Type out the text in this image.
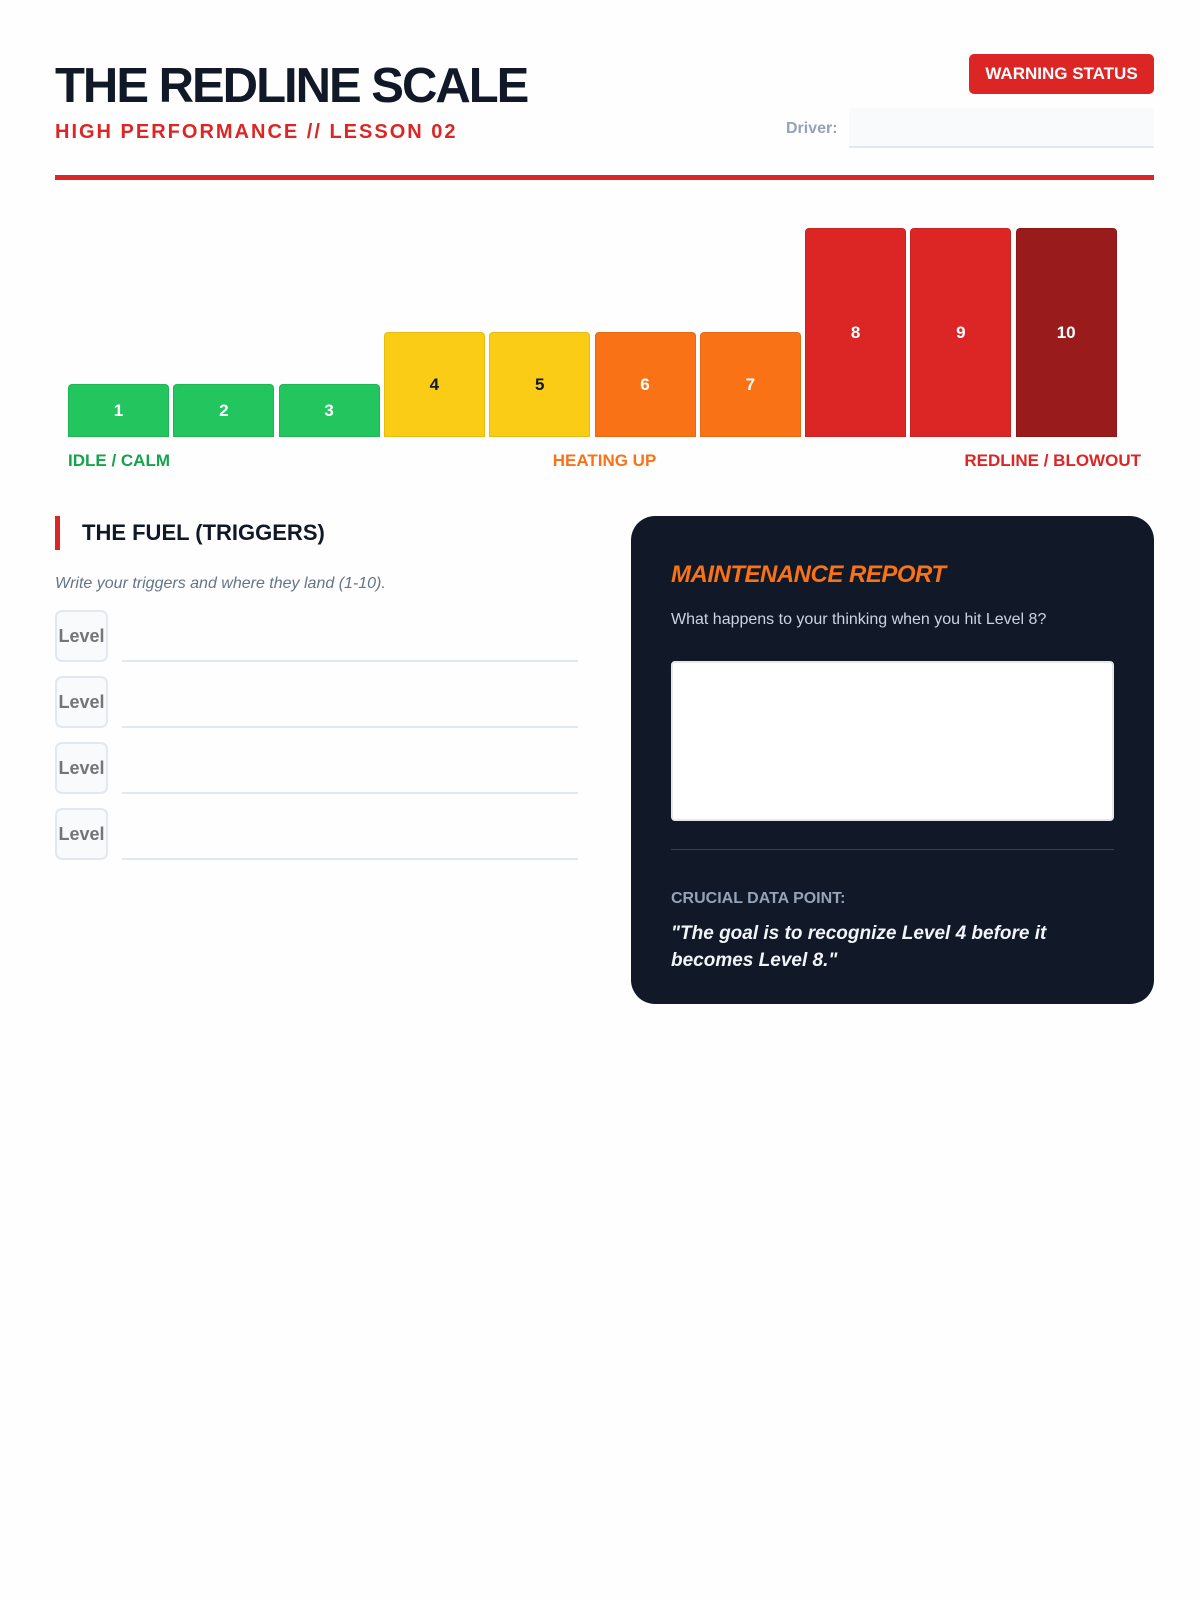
THE REDLINE SCALE
HIGH PERFORMANCE // LESSON 02
WARNING STATUS
Driver:
1	2	3
4	5	6	7
8	9	10
IDLE / CALM	HEATING UP	REDLINE / BLOWOUT
THE FUEL (TRIGGERS)

Write your triggers and where they land (1-10).

Level
Level
Level
Level	MAINTENANCE REPORT
What happens to your thinking when you hit Level 8?
CRUCIAL DATA POINT:
"The goal is to recognize Level 4 before it becomes Level 8."
